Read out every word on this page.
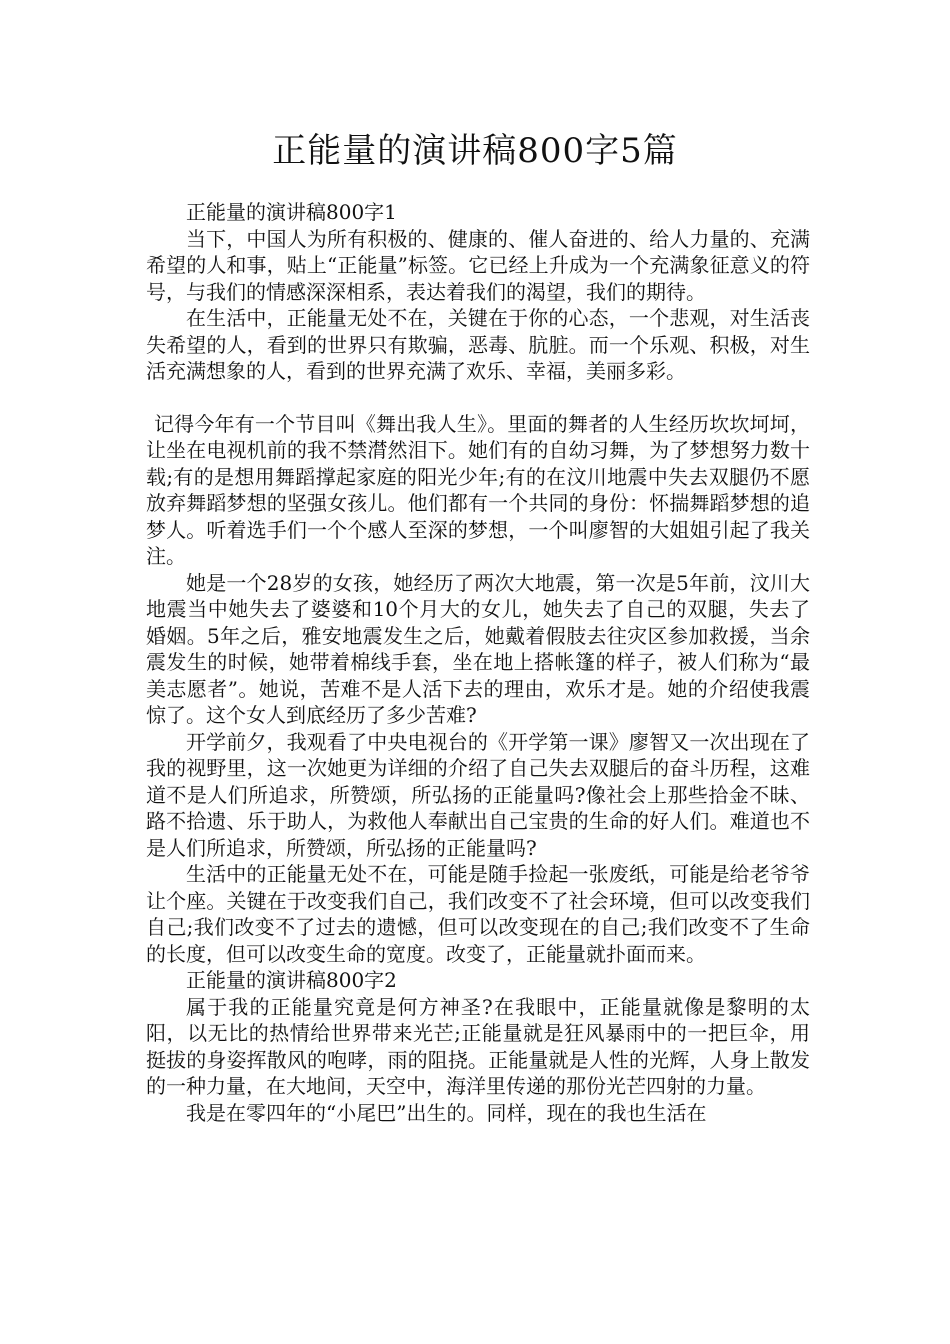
正能量的演讲稿800字5篇

正能量的演讲稿800字1

当下，中国人为所有积极的、健康的、催人奋进的、给人力量的、充满希望的人和事，贴上“正能量”标签。它已经上升成为一个充满象征意义的符号，与我们的情感深深相系，表达着我们的渴望，我们的期待。

在生活中，正能量无处不在，关键在于你的心态，一个悲观，对生活丧失希望的人，看到的世界只有欺骗，恶毒、肮脏。而一个乐观、积极，对生活充满想象的人，看到的世界充满了欢乐、幸福，美丽多彩。

记得今年有一个节目叫《舞出我人生》。里面的舞者的人生经历坎坎坷坷，让坐在电视机前的我不禁潸然泪下。她们有的自幼习舞，为了梦想努力数十载;有的是想用舞蹈撑起家庭的阳光少年;有的在汶川地震中失去双腿仍不愿放弃舞蹈梦想的坚强女孩儿。他们都有一个共同的身份：怀揣舞蹈梦想的追梦人。听着选手们一个个感人至深的梦想，一个叫廖智的大姐姐引起了我关注。

她是一个28岁的女孩，她经历了两次大地震，第一次是5年前，汶川大地震当中她失去了婆婆和10个月大的女儿，她失去了自己的双腿，失去了婚姻。5年之后，雅安地震发生之后，她戴着假肢去往灾区参加救援，当余震发生的时候，她带着棉线手套，坐在地上搭帐篷的样子，被人们称为“最美志愿者”。她说，苦难不是人活下去的理由，欢乐才是。她的介绍使我震惊了。这个女人到底经历了多少苦难?

开学前夕，我观看了中央电视台的《开学第一课》廖智又一次出现在了我的视野里，这一次她更为详细的介绍了自己失去双腿后的奋斗历程，这难道不是人们所追求，所赞颂，所弘扬的正能量吗?像社会上那些拾金不昧、路不拾遗、乐于助人，为救他人奉献出自己宝贵的生命的好人们。难道也不是人们所追求，所赞颂，所弘扬的正能量吗?

生活中的正能量无处不在，可能是随手捡起一张废纸，可能是给老爷爷让个座。关键在于改变我们自己，我们改变不了社会环境，但可以改变我们自己;我们改变不了过去的遗憾，但可以改变现在的自己;我们改变不了生命的长度，但可以改变生命的宽度。改变了，正能量就扑面而来。

正能量的演讲稿800字2

属于我的正能量究竟是何方神圣?在我眼中，正能量就像是黎明的太阳，以无比的热情给世界带来光芒;正能量就是狂风暴雨中的一把巨伞，用挺拔的身姿挥散风的咆哮，雨的阻挠。正能量就是人性的光辉，人身上散发的一种力量，在大地间，天空中，海洋里传递的那份光芒四射的力量。

我是在零四年的“小尾巴”出生的。同样，现在的我也生活在
